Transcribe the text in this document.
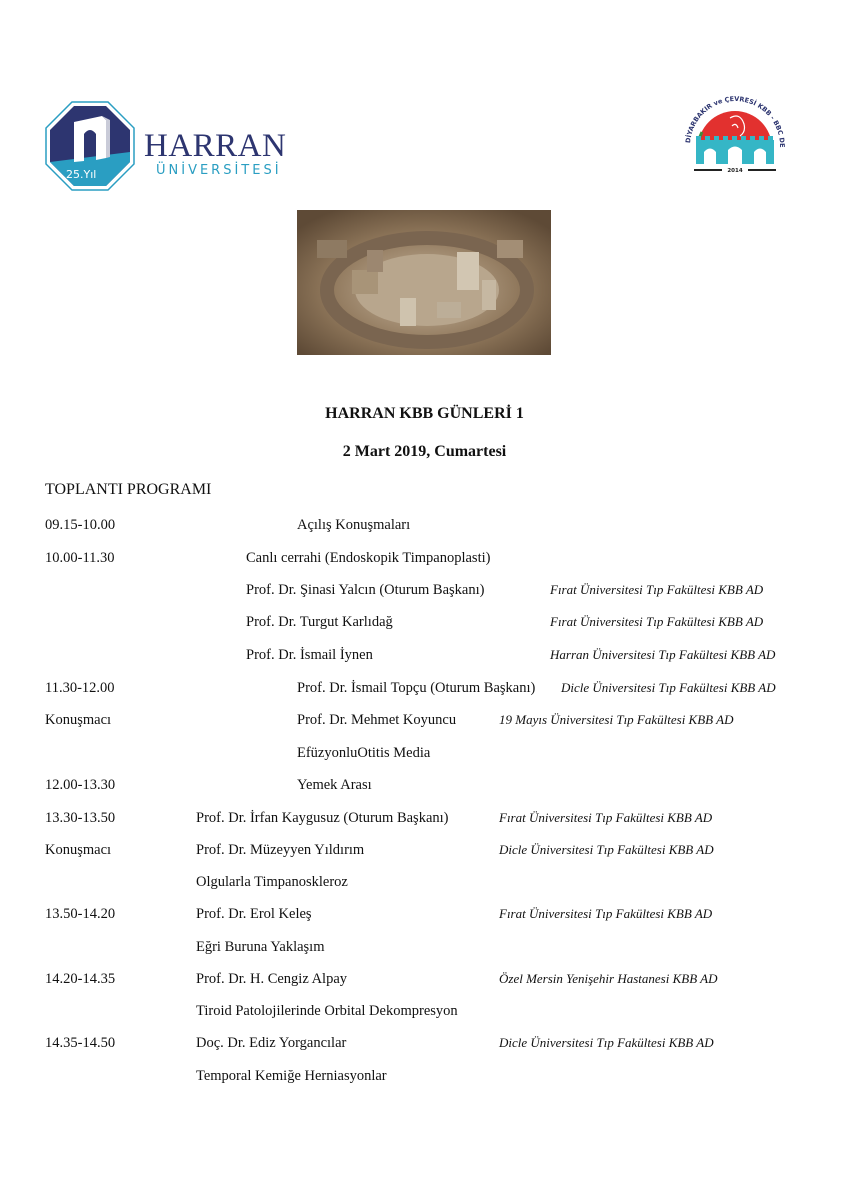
25.Yıl
HARRAN
ÜNİVERSİTESİ
DİYARBAKIR ve ÇEVRESİ KBB - BBC DE
2014
HARRAN KBB GÜNLERİ 1
2 Mart 2019, Cumartesi
TOPLANTI PROGRAMI
09.15-10.00	Açılış Konuşmaları
10.00-11.30	Canlı cerrahi (Endoskopik Timpanoplasti)
Prof. Dr. Şinasi Yalcın (Oturum Başkanı)	Fırat Üniversitesi Tıp Fakültesi KBB AD
Prof. Dr. Turgut Karlıdağ	Fırat Üniversitesi Tıp Fakültesi KBB AD
Prof. Dr. İsmail İynen	Harran Üniversitesi Tıp Fakültesi KBB AD
11.30-12.00	Prof. Dr. İsmail Topçu (Oturum Başkanı) Dicle Üniversitesi Tıp Fakültesi KBB AD
Konuşmacı	Prof. Dr. Mehmet Koyuncu	19 Mayıs Üniversitesi Tıp Fakültesi KBB AD
EfüzyonluOtitis Media
12.00-13.30	Yemek Arası
13.30-13.50	Prof. Dr. İrfan Kaygusuz (Oturum Başkanı)	Fırat Üniversitesi Tıp Fakültesi KBB AD
Konuşmacı	Prof. Dr. Müzeyyen Yıldırım	Dicle Üniversitesi Tıp Fakültesi KBB AD
Olgularla Timpanoskleroz
13.50-14.20	Prof. Dr. Erol Keleş	Fırat Üniversitesi Tıp Fakültesi KBB AD
Eğri Buruna Yaklaşım
14.20-14.35	Prof. Dr. H. Cengiz Alpay	Özel Mersin Yenişehir Hastanesi KBB AD
Tiroid Patolojilerinde Orbital Dekompresyon
14.35-14.50	Doç. Dr. Ediz Yorgancılar	Dicle Üniversitesi Tıp Fakültesi KBB AD
Temporal Kemiğe Herniasyonlar
